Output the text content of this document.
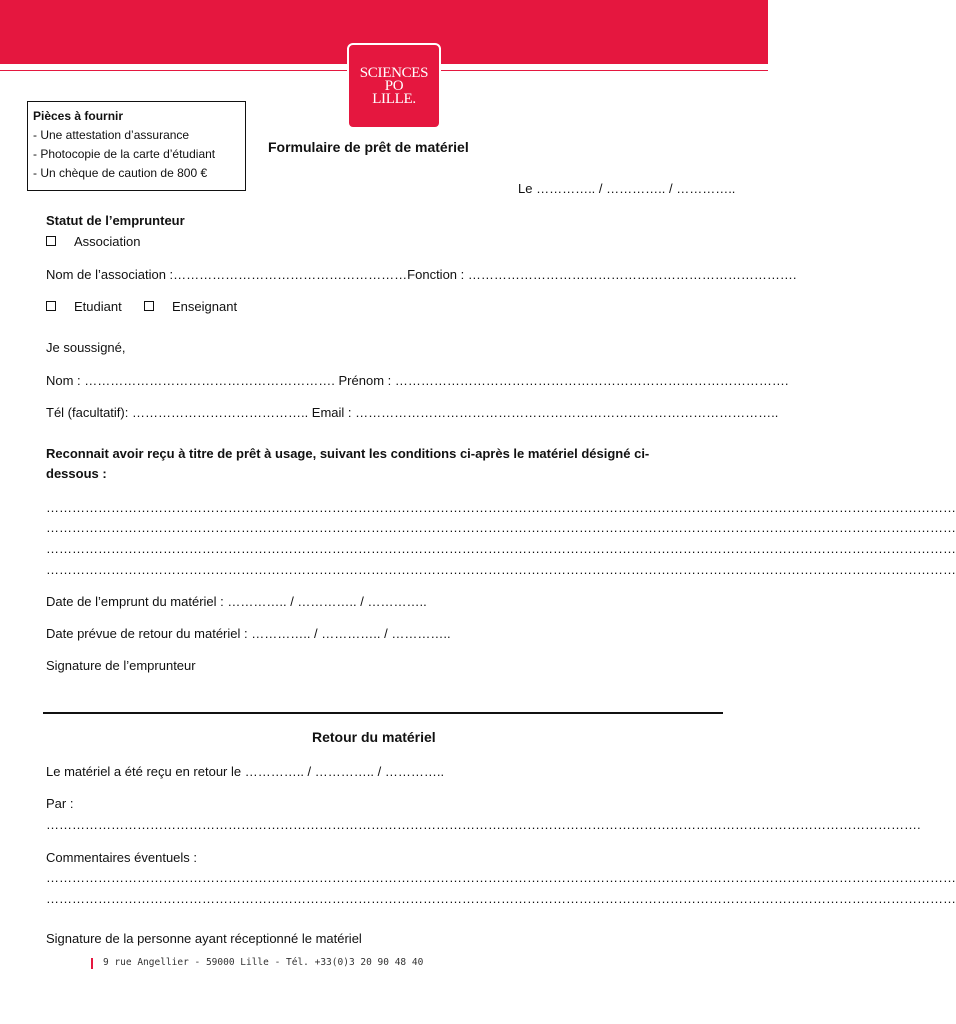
SCIENCES
PO
LILLE.
Pièces à fournir
- Une attestation d’assurance
- Photocopie de la carte d’étudiant
- Un chèque de caution de 800 €
Formulaire de prêt de matériel
Le ………….. / ………….. / …………..
Statut de l’emprunteur
Association
Nom de l’association :………………………………………………Fonction : ………………………………………………………………….
Etudiant	Enseignant
Je soussigné,
Nom : …………………………………………………. Prénom : ……………………………………………………………………………….
Tél (facultatif): ………………………………….. Email : ……………………………………………………………………………………..
Reconnait avoir reçu à titre de prêt à usage, suivant les conditions ci-après le matériel désigné ci-
dessous :
…………………………………………………………………………………………………………………………………………………………………………………………
…………………………………………………………………………………………………………………………………………………………………………………………
…………………………………………………………………………………………………………………………………………………………………………………………
…………………………………………………………………………………………………………………………………………………………………………………………
Date de l’emprunt du matériel : ………….. / ………….. / …………..
Date prévue de retour du matériel : ………….. / ………….. / …………..
Signature de l’emprunteur
Retour du matériel
Le matériel a été reçu en retour le ………….. / ………….. / …………..
Par :
………………………………………………………………………………………………………………………………………………………………………………….
Commentaires éventuels :
…………………………………………………………………………………………………………………………………………………………………………………………
…………………………………………………………………………………………………………………………………………………………………………………………
Signature de la personne ayant réceptionné le matériel
9 rue Angellier - 59000 Lille - Tél. +33(0)3 20 90 48 40
